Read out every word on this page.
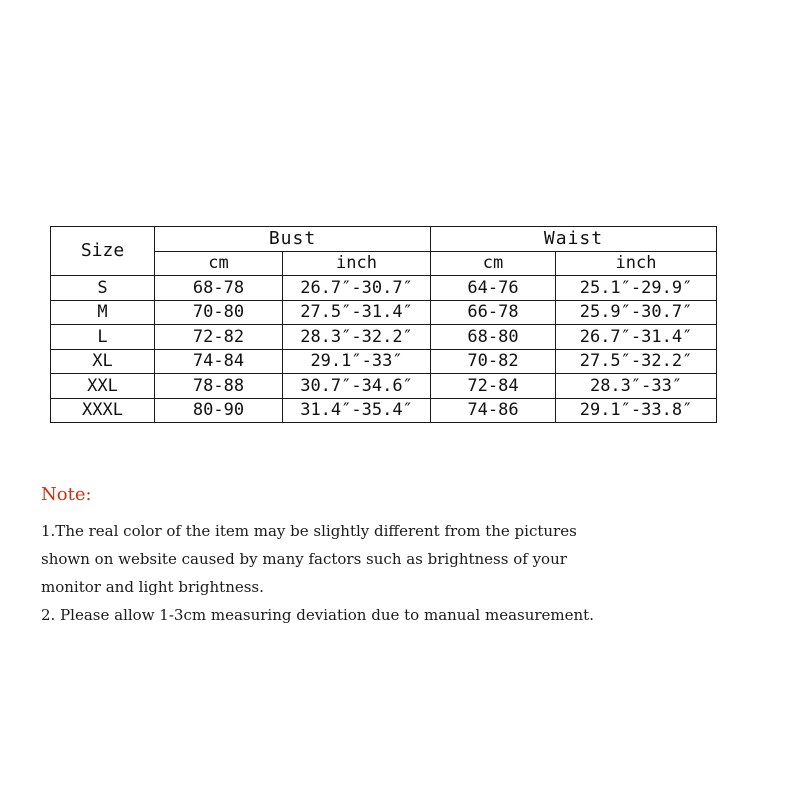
Size	Bust		Waist	
	cm	inch	cm	inch
S	68-78	26.7″-30.7″	64-76	25.1″-29.9″
M	70-80	27.5″-31.4″	66-78	25.9″-30.7″
L	72-82	28.3″-32.2″	68-80	26.7″-31.4″
XL	74-84	29.1″-33″	70-82	27.5″-32.2″
XXL	78-88	30.7″-34.6″	72-84	28.3″-33″
XXXL	80-90	31.4″-35.4″	74-86	29.1″-33.8″

Note:

1.The real color of the item may be slightly different from the pictures

shown on website caused by many factors such as brightness of your

monitor and light brightness.

2. Please allow 1-3cm measuring deviation due to manual measurement.
